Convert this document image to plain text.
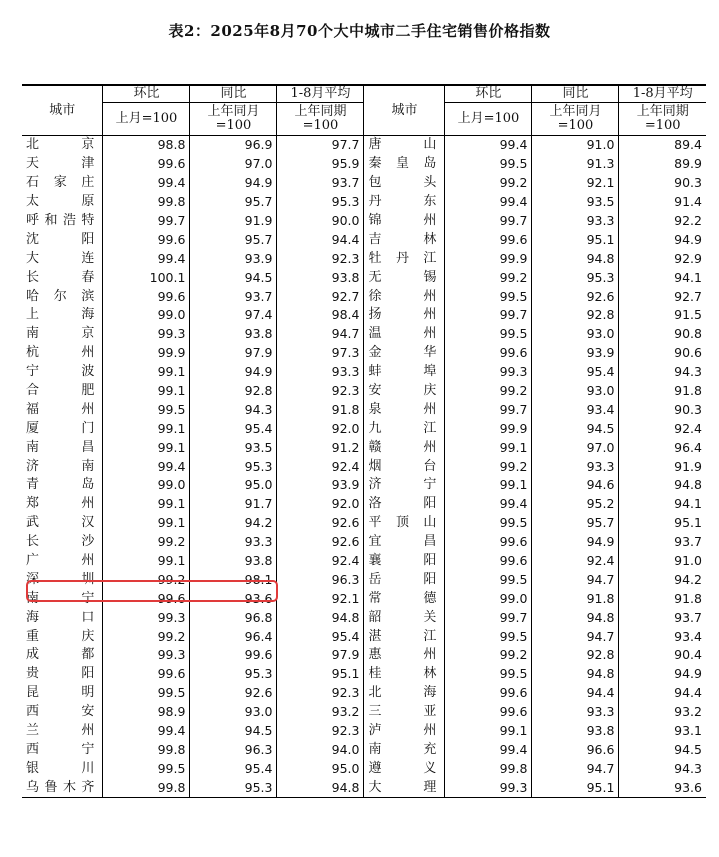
表2：2025年8月70个大中城市二手住宅销售价格指数
城市	环比	同比	1-8月平均	城市	环比	同比	1-8月平均
	上月=100	上年同月=100	上年同期=100		上月=100	上年同月=100	上年同期=100
北　　京	98.8	96.9	97.7	唐　　山	99.4	91.0	89.4
天　　津	99.6	97.0	95.9	秦皇岛	99.5	91.3	89.9
石家庄	99.4	94.9	93.7	包　　头	99.2	92.1	90.3
太　　原	99.8	95.7	95.3	丹　　东	99.4	93.5	91.4
呼和浩特	99.7	91.9	90.0	锦　　州	99.7	93.3	92.2
沈　　阳	99.6	95.7	94.4	吉　　林	99.6	95.1	94.9
大　　连	99.4	93.9	92.3	牡丹江	99.9	94.8	92.9
长　　春	100.1	94.5	93.8	无　　锡	99.2	95.3	94.1
哈尔滨	99.6	93.7	92.7	徐　　州	99.5	92.6	92.7
上　　海	99.0	97.4	98.4	扬　　州	99.7	92.8	91.5
南　　京	99.3	93.8	94.7	温　　州	99.5	93.0	90.8
杭　　州	99.9	97.9	97.3	金　　华	99.6	93.9	90.6
宁　　波	99.1	94.9	93.3	蚌　　埠	99.3	95.4	94.3
合　　肥	99.1	92.8	92.3	安　　庆	99.2	93.0	91.8
福　　州	99.5	94.3	91.8	泉　　州	99.7	93.4	90.3
厦　　门	99.1	95.4	92.0	九　　江	99.9	94.5	92.4
南　　昌	99.1	93.5	91.2	赣　　州	99.1	97.0	96.4
济　　南	99.4	95.3	92.4	烟　　台	99.2	93.3	91.9
青　　岛	99.0	95.0	93.9	济　　宁	99.1	94.6	94.8
郑　　州	99.1	91.7	92.0	洛　　阳	99.4	95.2	94.1
武　　汉	99.1	94.2	92.6	平顶山	99.5	95.7	95.1
长　　沙	99.2	93.3	92.6	宜　　昌	99.6	94.9	93.7
广　　州	99.1	93.8	92.4	襄　　阳	99.6	92.4	91.0
深　　圳	99.2	98.1	96.3	岳　　阳	99.5	94.7	94.2
南　　宁	99.6	93.6	92.1	常　　德	99.0	91.8	91.8
海　　口	99.3	96.8	94.8	韶　　关	99.7	94.8	93.7
重　　庆	99.2	96.4	95.4	湛　　江	99.5	94.7	93.4
成　　都	99.3	99.6	97.9	惠　　州	99.2	92.8	90.4
贵　　阳	99.6	95.3	95.1	桂　　林	99.5	94.8	94.9
昆　　明	99.5	92.6	92.3	北　　海	99.6	94.4	94.4
西　　安	98.9	93.0	93.2	三　　亚	99.6	93.3	93.2
兰　　州	99.4	94.5	92.3	泸　　州	99.1	93.8	93.1
西　　宁	99.8	96.3	94.0	南　　充	99.4	96.6	94.5
银　　川	99.5	95.4	95.0	遵　　义	99.8	94.7	94.3
乌鲁木齐	99.8	95.3	94.8	大　　理	99.3	95.1	93.6
